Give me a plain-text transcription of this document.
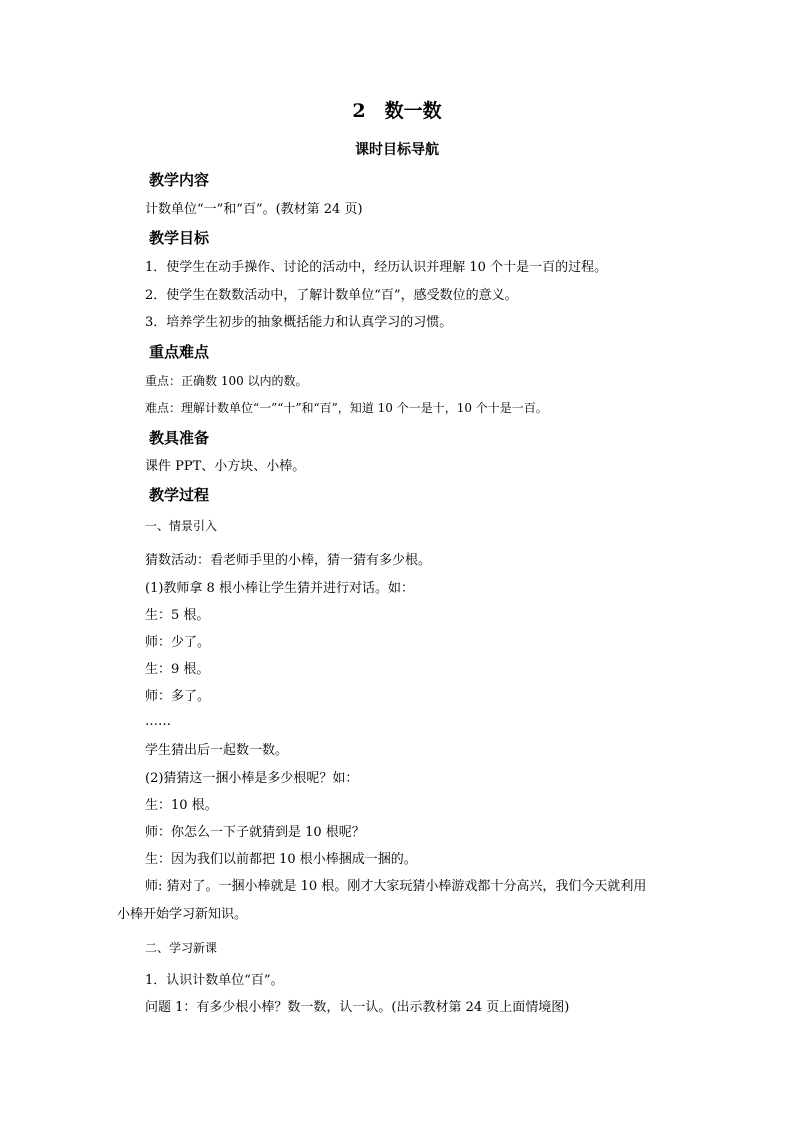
2　数一数
课时目标导航
教学内容
计数单位“一”和“百”。(教材第 24 页)
教学目标
1．使学生在动手操作、讨论的活动中，经历认识并理解 10 个十是一百的过程。
2．使学生在数数活动中，了解计数单位“百”，感受数位的意义。
3．培养学生初步的抽象概括能力和认真学习的习惯。
重点难点
重点：正确数 100 以内的数。
难点：理解计数单位“一”“十”和“百”，知道 10 个一是十，10 个十是一百。
教具准备
课件 PPT、小方块、小棒。
教学过程
一、情景引入
猜数活动：看老师手里的小棒，猜一猜有多少根。
(1)教师拿 8 根小棒让学生猜并进行对话。如：
生：5 根。
师：少了。
生：9 根。
师：多了。
……
学生猜出后一起数一数。
(2)猜猜这一捆小棒是多少根呢？如：
生：10 根。
师：你怎么一下子就猜到是 10 根呢？
生：因为我们以前都把 10 根小棒捆成一捆的。
师: 猜对了。一捆小棒就是 10 根。刚才大家玩猜小棒游戏都十分高兴，我们今天就利用
小棒开始学习新知识。
二、学习新课
1．认识计数单位“百”。
问题 1：有多少根小棒？数一数，认一认。(出示教材第 24 页上面情境图)
